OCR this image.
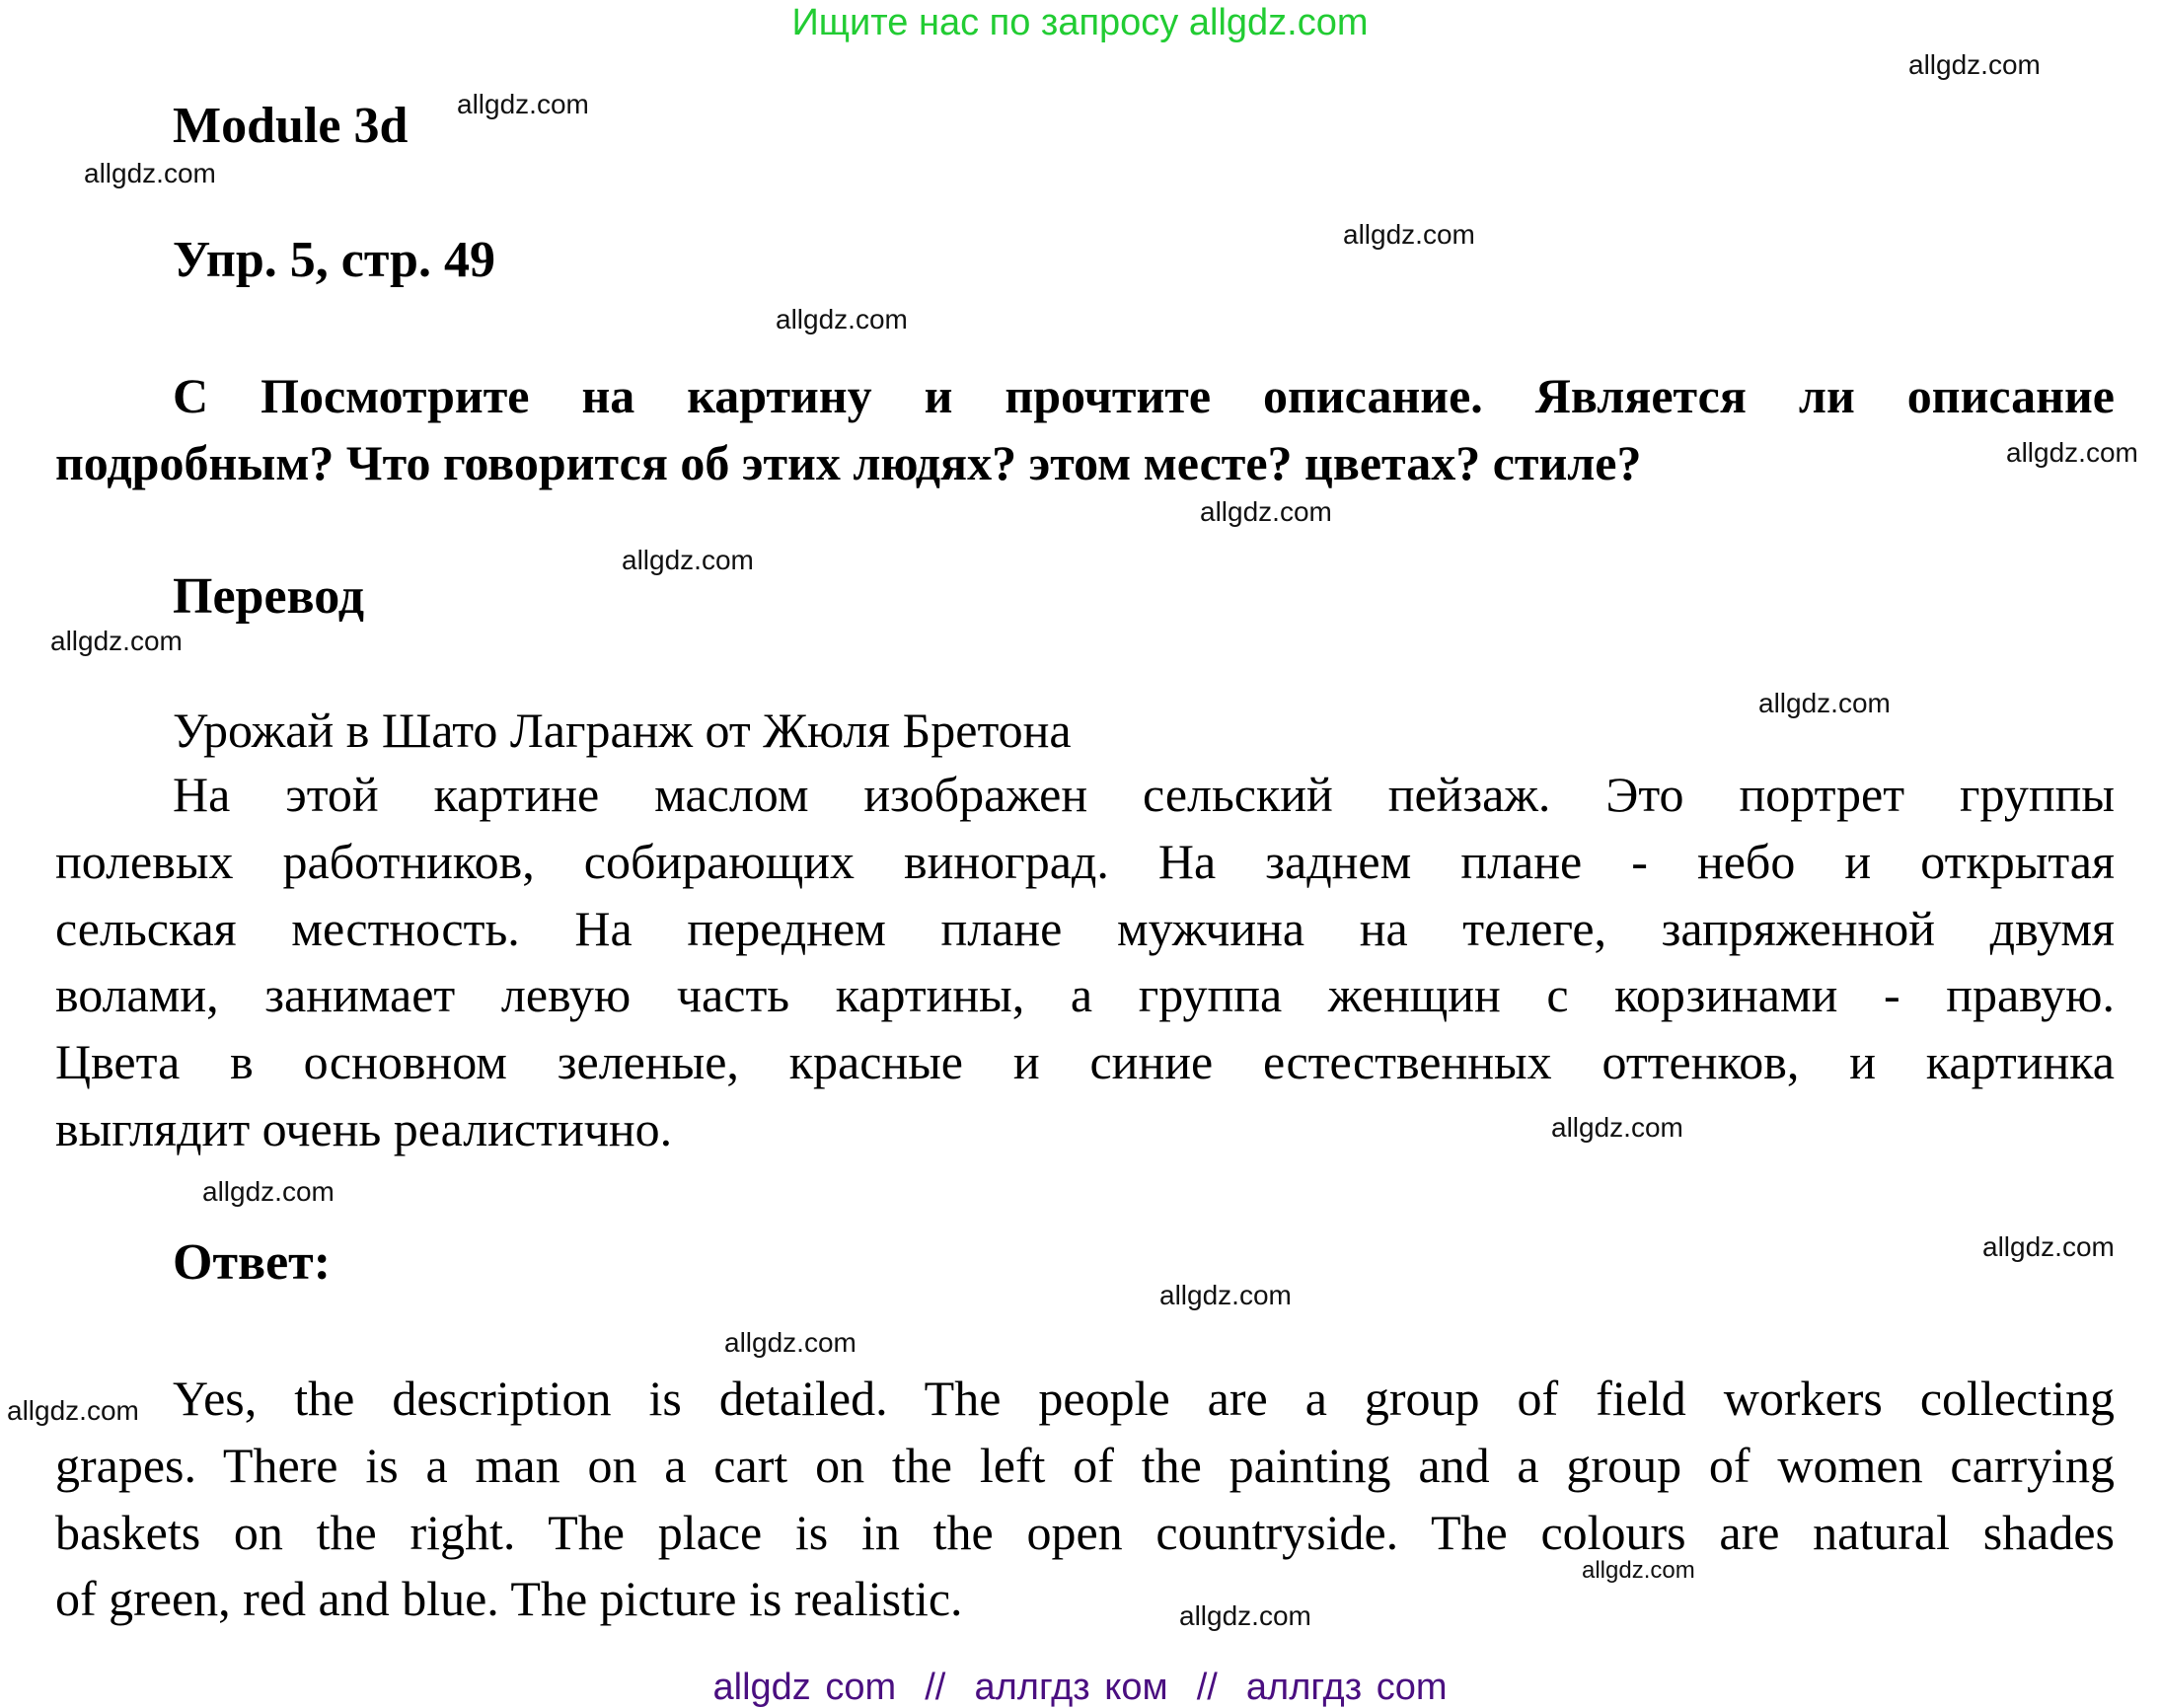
Ищите нас по запросу allgdz.com
Module 3d
Упр. 5, стр. 49
С Посмотрите на картину и прочтите описание. Является ли описание
подробным? Что говорится об этих людях? этом месте? цветах? стиле?
Перевод
Урожай в Шато Лагранж от Жюля Бретона
На этой картине маслом изображен сельский пейзаж. Это портрет группы
полевых работников, собирающих виноград. На заднем плане - небо и открытая
сельская местность. На переднем плане мужчина на телеге, запряженной двумя
волами, занимает левую часть картины, а группа женщин с корзинами - правую.
Цвета в основном зеленые, красные и синие естественных оттенков, и картинка
выглядит очень реалистично.
Ответ:
Yes, the description is detailed. The people are a group of field workers collecting
grapes. There is a man on a cart on the left of the painting and a group of women carrying
baskets on the right. The place is in the open countryside. The colours are natural shades
of green, red and blue. The picture is realistic.
allgdz.com
allgdz.com
allgdz.com
allgdz.com
allgdz.com
allgdz.com
allgdz.com
allgdz.com
allgdz.com
allgdz.com
allgdz.com
allgdz.com
allgdz.com
allgdz.com
allgdz.com
allgdz.com
allgdz.com
allgdz.com
allgdz com  //  аллгдз ком  //  аллгдз com
